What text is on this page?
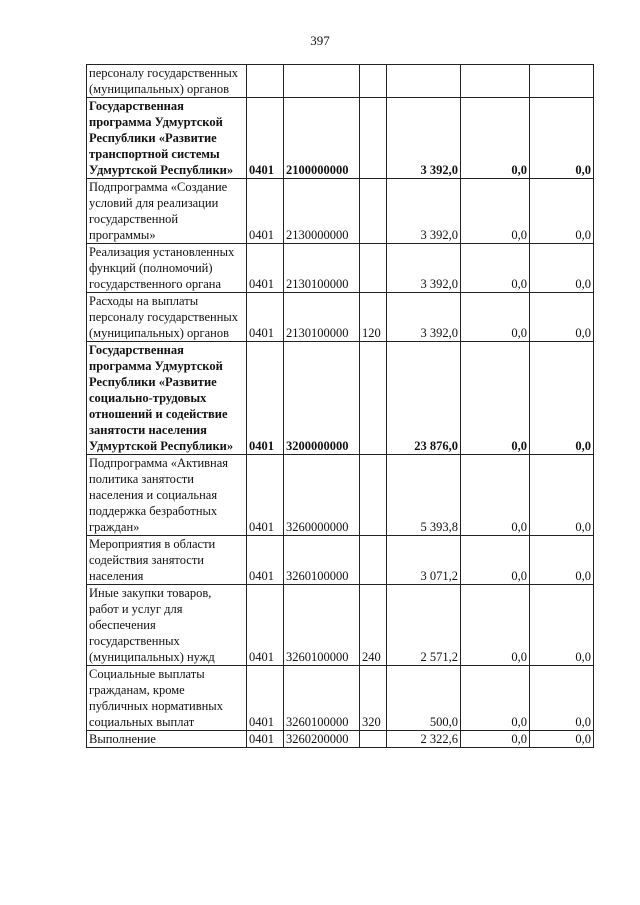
397
персоналу государственных (муниципальных) органов						
Государственная программа Удмуртской Республики «Развитие транспортной системы Удмуртской Республики»	0401	2100000000		3 392,0	0,0	0,0
Подпрограмма «Создание условий для реализации государственной программы»	0401	2130000000		3 392,0	0,0	0,0
Реализация установленных функций (полномочий) государственного органа	0401	2130100000		3 392,0	0,0	0,0
Расходы на выплаты персоналу государственных (муниципальных) органов	0401	2130100000	120	3 392,0	0,0	0,0
Государственная программа Удмуртской Республики «Развитие социально-трудовых отношений и содействие занятости населения Удмуртской Республики»	0401	3200000000		23 876,0	0,0	0,0
Подпрограмма «Активная политика занятости населения и социальная поддержка безработных граждан»	0401	3260000000		5 393,8	0,0	0,0
Мероприятия в области содействия занятости населения	0401	3260100000		3 071,2	0,0	0,0
Иные закупки товаров, работ и услуг для обеспечения государственных (муниципальных) нужд	0401	3260100000	240	2 571,2	0,0	0,0
Социальные выплаты гражданам, кроме публичных нормативных социальных выплат	0401	3260100000	320	500,0	0,0	0,0
Выполнение	0401	3260200000		2 322,6	0,0	0,0
